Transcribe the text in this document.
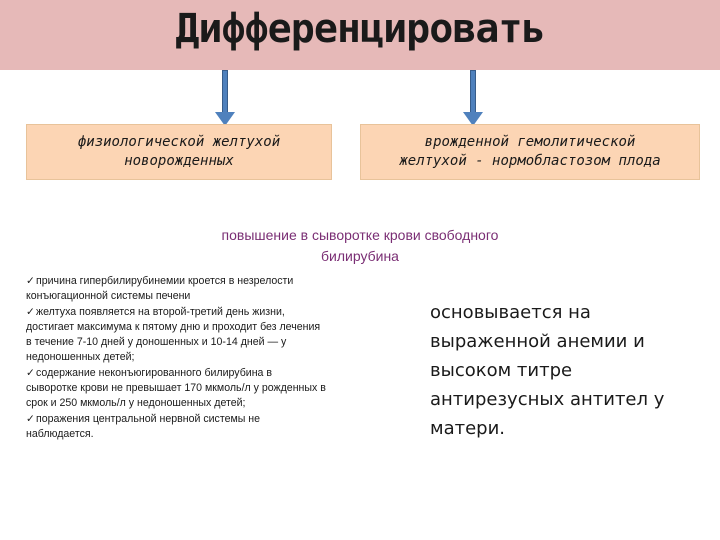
Дифференцировать
физиологической желтухой
новорожденных
врожденной гемолитической
желтухой - нормобластозом плода
повышение в сыворотке крови свободного
билирубина
✓причина гипербилирубинемии кроется в незрелости конъюгационной системы печени
✓желтуха появляется на второй-третий день жизни, достигает максимума к пятому дню и проходит без лечения в течение 7-10 дней у доношенных и 10-14 дней — у недоношенных детей;
✓содержание неконъюгированного билирубина в сыворотке крови не превышает 170 мкмоль/л у рожденных в срок и 250 мкмоль/л у недоношенных детей;
✓поражения центральной нервной системы не наблюдается.
основывается на выраженной анемии и высоком титре антирезусных антител у матери.
